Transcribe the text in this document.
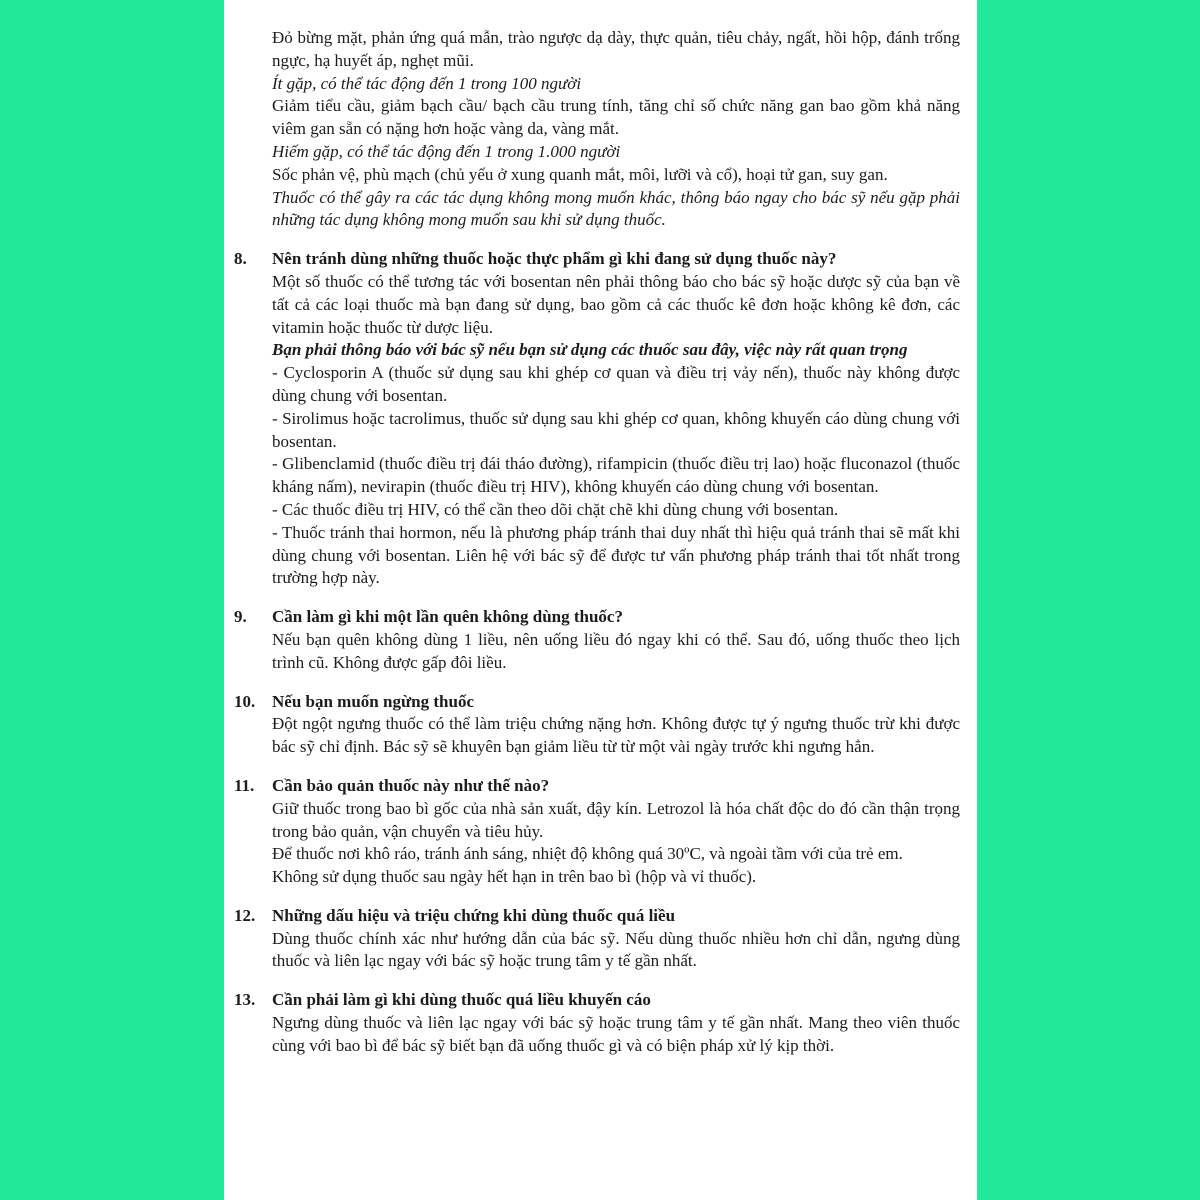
Đỏ bừng mặt, phản ứng quá mẫn, trào ngược dạ dày, thực quản, tiêu chảy, ngất, hồi hộp, đánh trống ngực, hạ huyết áp, nghẹt mũi.

Ít gặp, có thể tác động đến 1 trong 100 người

Giảm tiểu cầu, giảm bạch cầu/ bạch cầu trung tính, tăng chỉ số chức năng gan bao gồm khả năng viêm gan sẵn có nặng hơn hoặc vàng da, vàng mắt.

Hiếm gặp, có thể tác động đến 1 trong 1.000 người

Sốc phản vệ, phù mạch (chủ yếu ở xung quanh mắt, môi, lưỡi và cổ), hoại tử gan, suy gan.

Thuốc có thể gây ra các tác dụng không mong muốn khác, thông báo ngay cho bác sỹ nếu gặp phải những tác dụng không mong muốn sau khi sử dụng thuốc.

8.	Nên tránh dùng những thuốc hoặc thực phẩm gì khi đang sử dụng thuốc này?

Một số thuốc có thể tương tác với bosentan nên phải thông báo cho bác sỹ hoặc dược sỹ của bạn về tất cả các loại thuốc mà bạn đang sử dụng, bao gồm cả các thuốc kê đơn hoặc không kê đơn, các vitamin hoặc thuốc từ dược liệu.

Bạn phải thông báo với bác sỹ nếu bạn sử dụng các thuốc sau đây, việc này rất quan trọng

- Cyclosporin A (thuốc sử dụng sau khi ghép cơ quan và điều trị vảy nến), thuốc này không được dùng chung với bosentan.

- Sirolimus hoặc tacrolimus, thuốc sử dụng sau khi ghép cơ quan, không khuyến cáo dùng chung với bosentan.

- Glibenclamid (thuốc điều trị đái tháo đường), rifampicin (thuốc điều trị lao) hoặc fluconazol (thuốc kháng nấm), nevirapin (thuốc điều trị HIV), không khuyến cáo dùng chung với bosentan.

- Các thuốc điều trị HIV, có thể cần theo dõi chặt chẽ khi dùng chung với bosentan.

- Thuốc tránh thai hormon, nếu là phương pháp tránh thai duy nhất thì hiệu quả tránh thai sẽ mất khi dùng chung với bosentan. Liên hệ với bác sỹ để được tư vấn phương pháp tránh thai tốt nhất trong trường hợp này.

9.	Cần làm gì khi một lần quên không dùng thuốc?

Nếu bạn quên không dùng 1 liều, nên uống liều đó ngay khi có thể. Sau đó, uống thuốc theo lịch trình cũ. Không được gấp đôi liều.

10. Nếu bạn muốn ngừng thuốc

Đột ngột ngưng thuốc có thể làm triệu chứng nặng hơn. Không được tự ý ngưng thuốc trừ khi được bác sỹ chỉ định. Bác sỹ sẽ khuyên bạn giảm liều từ từ một vài ngày trước khi ngưng hẳn.

11.	Cần bảo quản thuốc này như thế nào?

Giữ thuốc trong bao bì gốc của nhà sản xuất, đậy kín. Letrozol là hóa chất độc do đó cần thận trọng trong bảo quản, vận chuyển và tiêu hủy.

Để thuốc nơi khô ráo, tránh ánh sáng, nhiệt độ không quá 30ºC, và ngoài tầm với của trẻ em.

Không sử dụng thuốc sau ngày hết hạn in trên bao bì (hộp và vỉ thuốc).

12. Những dấu hiệu và triệu chứng khi dùng thuốc quá liều

Dùng thuốc chính xác như hướng dẫn của bác sỹ. Nếu dùng thuốc nhiều hơn chỉ dẫn, ngưng dùng thuốc và liên lạc ngay với bác sỹ hoặc trung tâm y tế gần nhất.

13. Cần phải làm gì khi dùng thuốc quá liều khuyến cáo

Ngưng dùng thuốc và liên lạc ngay với bác sỹ hoặc trung tâm y tế gần nhất. Mang theo viên thuốc cùng với bao bì để bác sỹ biết bạn đã uống thuốc gì và có biện pháp xử lý kịp thời.
